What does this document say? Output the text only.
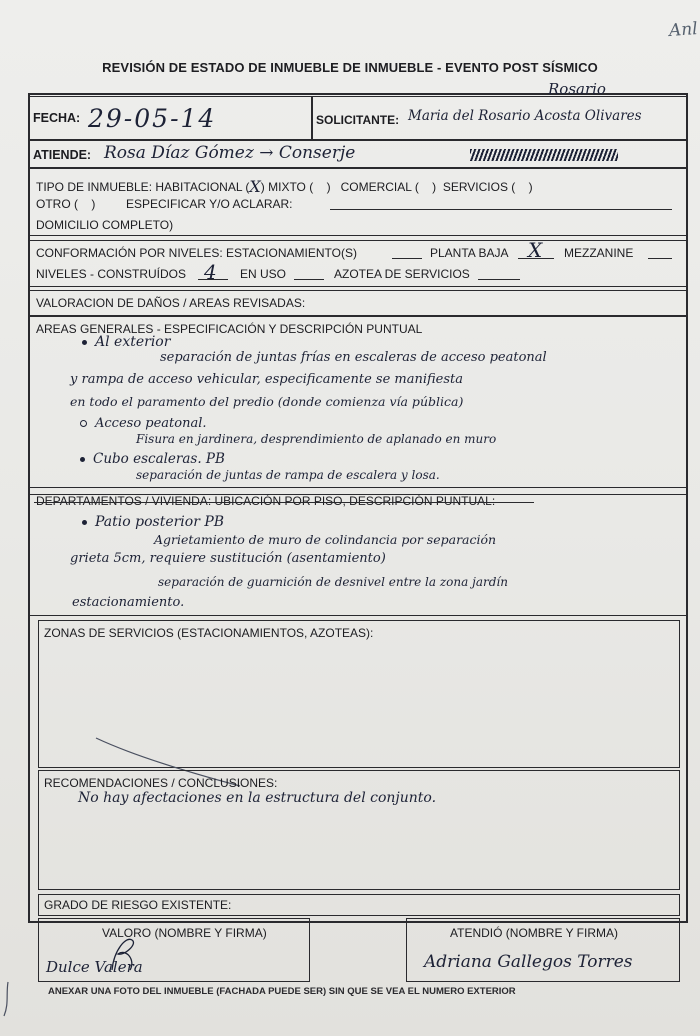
Anl
REVISIÓN DE ESTADO DE INMUEBLE DE INMUEBLE - EVENTO POST SÍSMICO
FECHA: 29-05-14	SOLICITANTE:
Rosario
Maria del Rosario Acosta Olivares
ATIENDE: Rosa Díaz Gómez → Conserje
TIPO DE INMUEBLE: HABITACIONAL (X) MIXTO ( ) COMERCIAL ( ) SERVICIOS ( )
OTRO ( )	ESPECIFICAR Y/O ACLARAR:
DOMICILIO COMPLETO)
CONFORMACIÓN POR NIVELES: ESTACIONAMIENTO(S)	PLANTA BAJA X MEZZANINE
NIVELES - CONSTRUÍDOS 4 EN USO	AZOTEA DE SERVICIOS
VALORACION DE DAÑOS / AREAS REVISADAS:
AREAS GENERALES - ESPECIFICACIÓN Y DESCRIPCIÓN PUNTUAL
Al exterior
separación de juntas frías en escaleras de acceso peatonal
y rampa de acceso vehicular, especificamente se manifiesta
en todo el paramento del predio (donde comienza vía pública)
Acceso peatonal.
Fisura en jardinera, desprendimiento de aplanado en muro
Cubo escaleras. PB
separación de juntas de rampa de escalera y losa.
DEPARTAMENTOS / VIVIENDA: UBICACIÓN POR PISO, DESCRIPCIÓN PUNTUAL:
Patio posterior PB
Agrietamiento de muro de colindancia por separación
grieta 5cm, requiere sustitución (asentamiento)
separación de guarnición de desnivel entre la zona jardín
estacionamiento.
ZONAS DE SERVICIOS (ESTACIONAMIENTOS, AZOTEAS):
RECOMENDACIONES / CONCLUSIONES:
No hay afectaciones en la estructura del conjunto.
GRADO DE RIESGO EXISTENTE:
VALORO (NOMBRE Y FIRMA)
Dulce Valera
ATENDIÓ (NOMBRE Y FIRMA)
Adriana Gallegos Torres
ANEXAR UNA FOTO DEL INMUEBLE (FACHADA PUEDE SER) SIN QUE SE VEA EL NUMERO EXTERIOR
